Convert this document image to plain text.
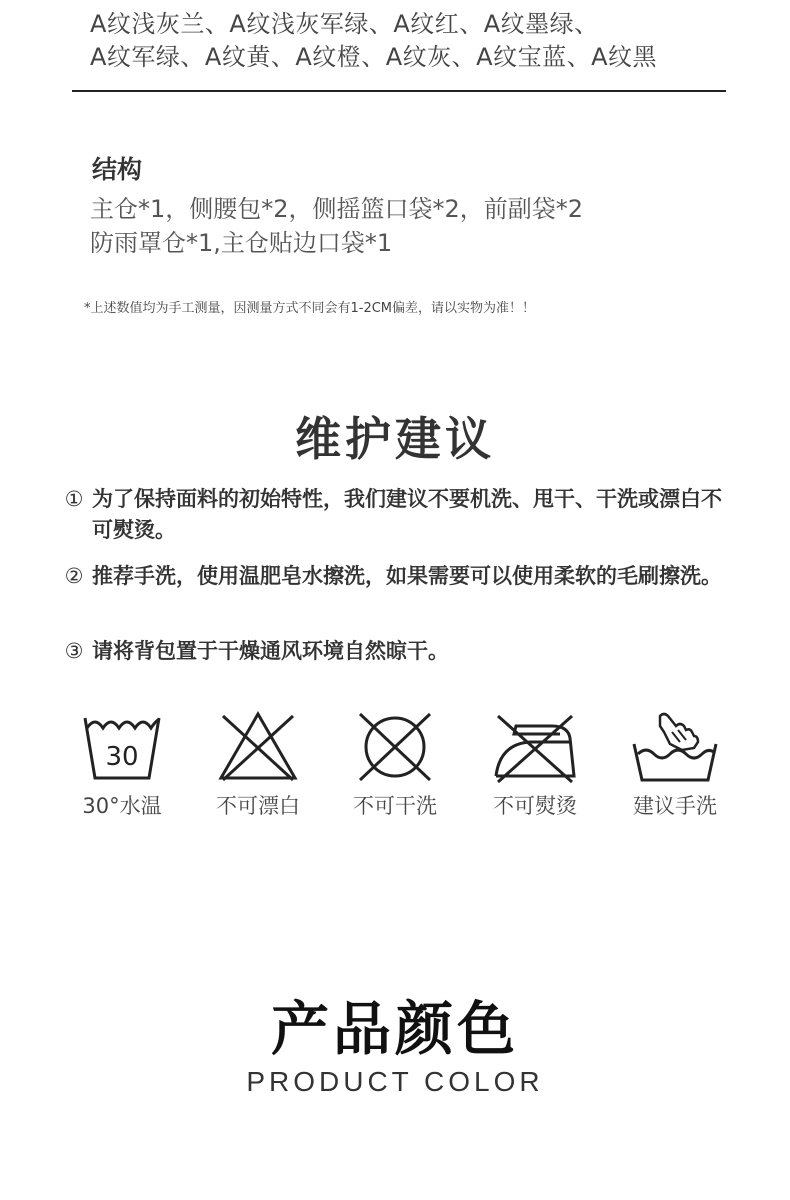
A纹浅灰兰、A纹浅灰军绿、A纹红、A纹墨绿、
A纹军绿、A纹黄、A纹橙、A纹灰、A纹宝蓝、A纹黑
结构
主仓*1，侧腰包*2，侧摇篮口袋*2，前副袋*2
防雨罩仓*1,主仓贴边口袋*1
*上述数值均为手工测量，因测量方式不同会有1-2CM偏差，请以实物为准！！
维护建议
① 为了保持面料的初始特性，我们建议不要机洗、甩干、干洗或漂白不可熨烫。
② 推荐手洗，使用温肥皂水擦洗，如果需要可以使用柔软的毛刷擦洗。
③ 请将背包置于干燥通风环境自然晾干。
30
30°水温	不可漂白	不可干洗	不可熨烫	建议手洗
产品颜色
PRODUCT COLOR
